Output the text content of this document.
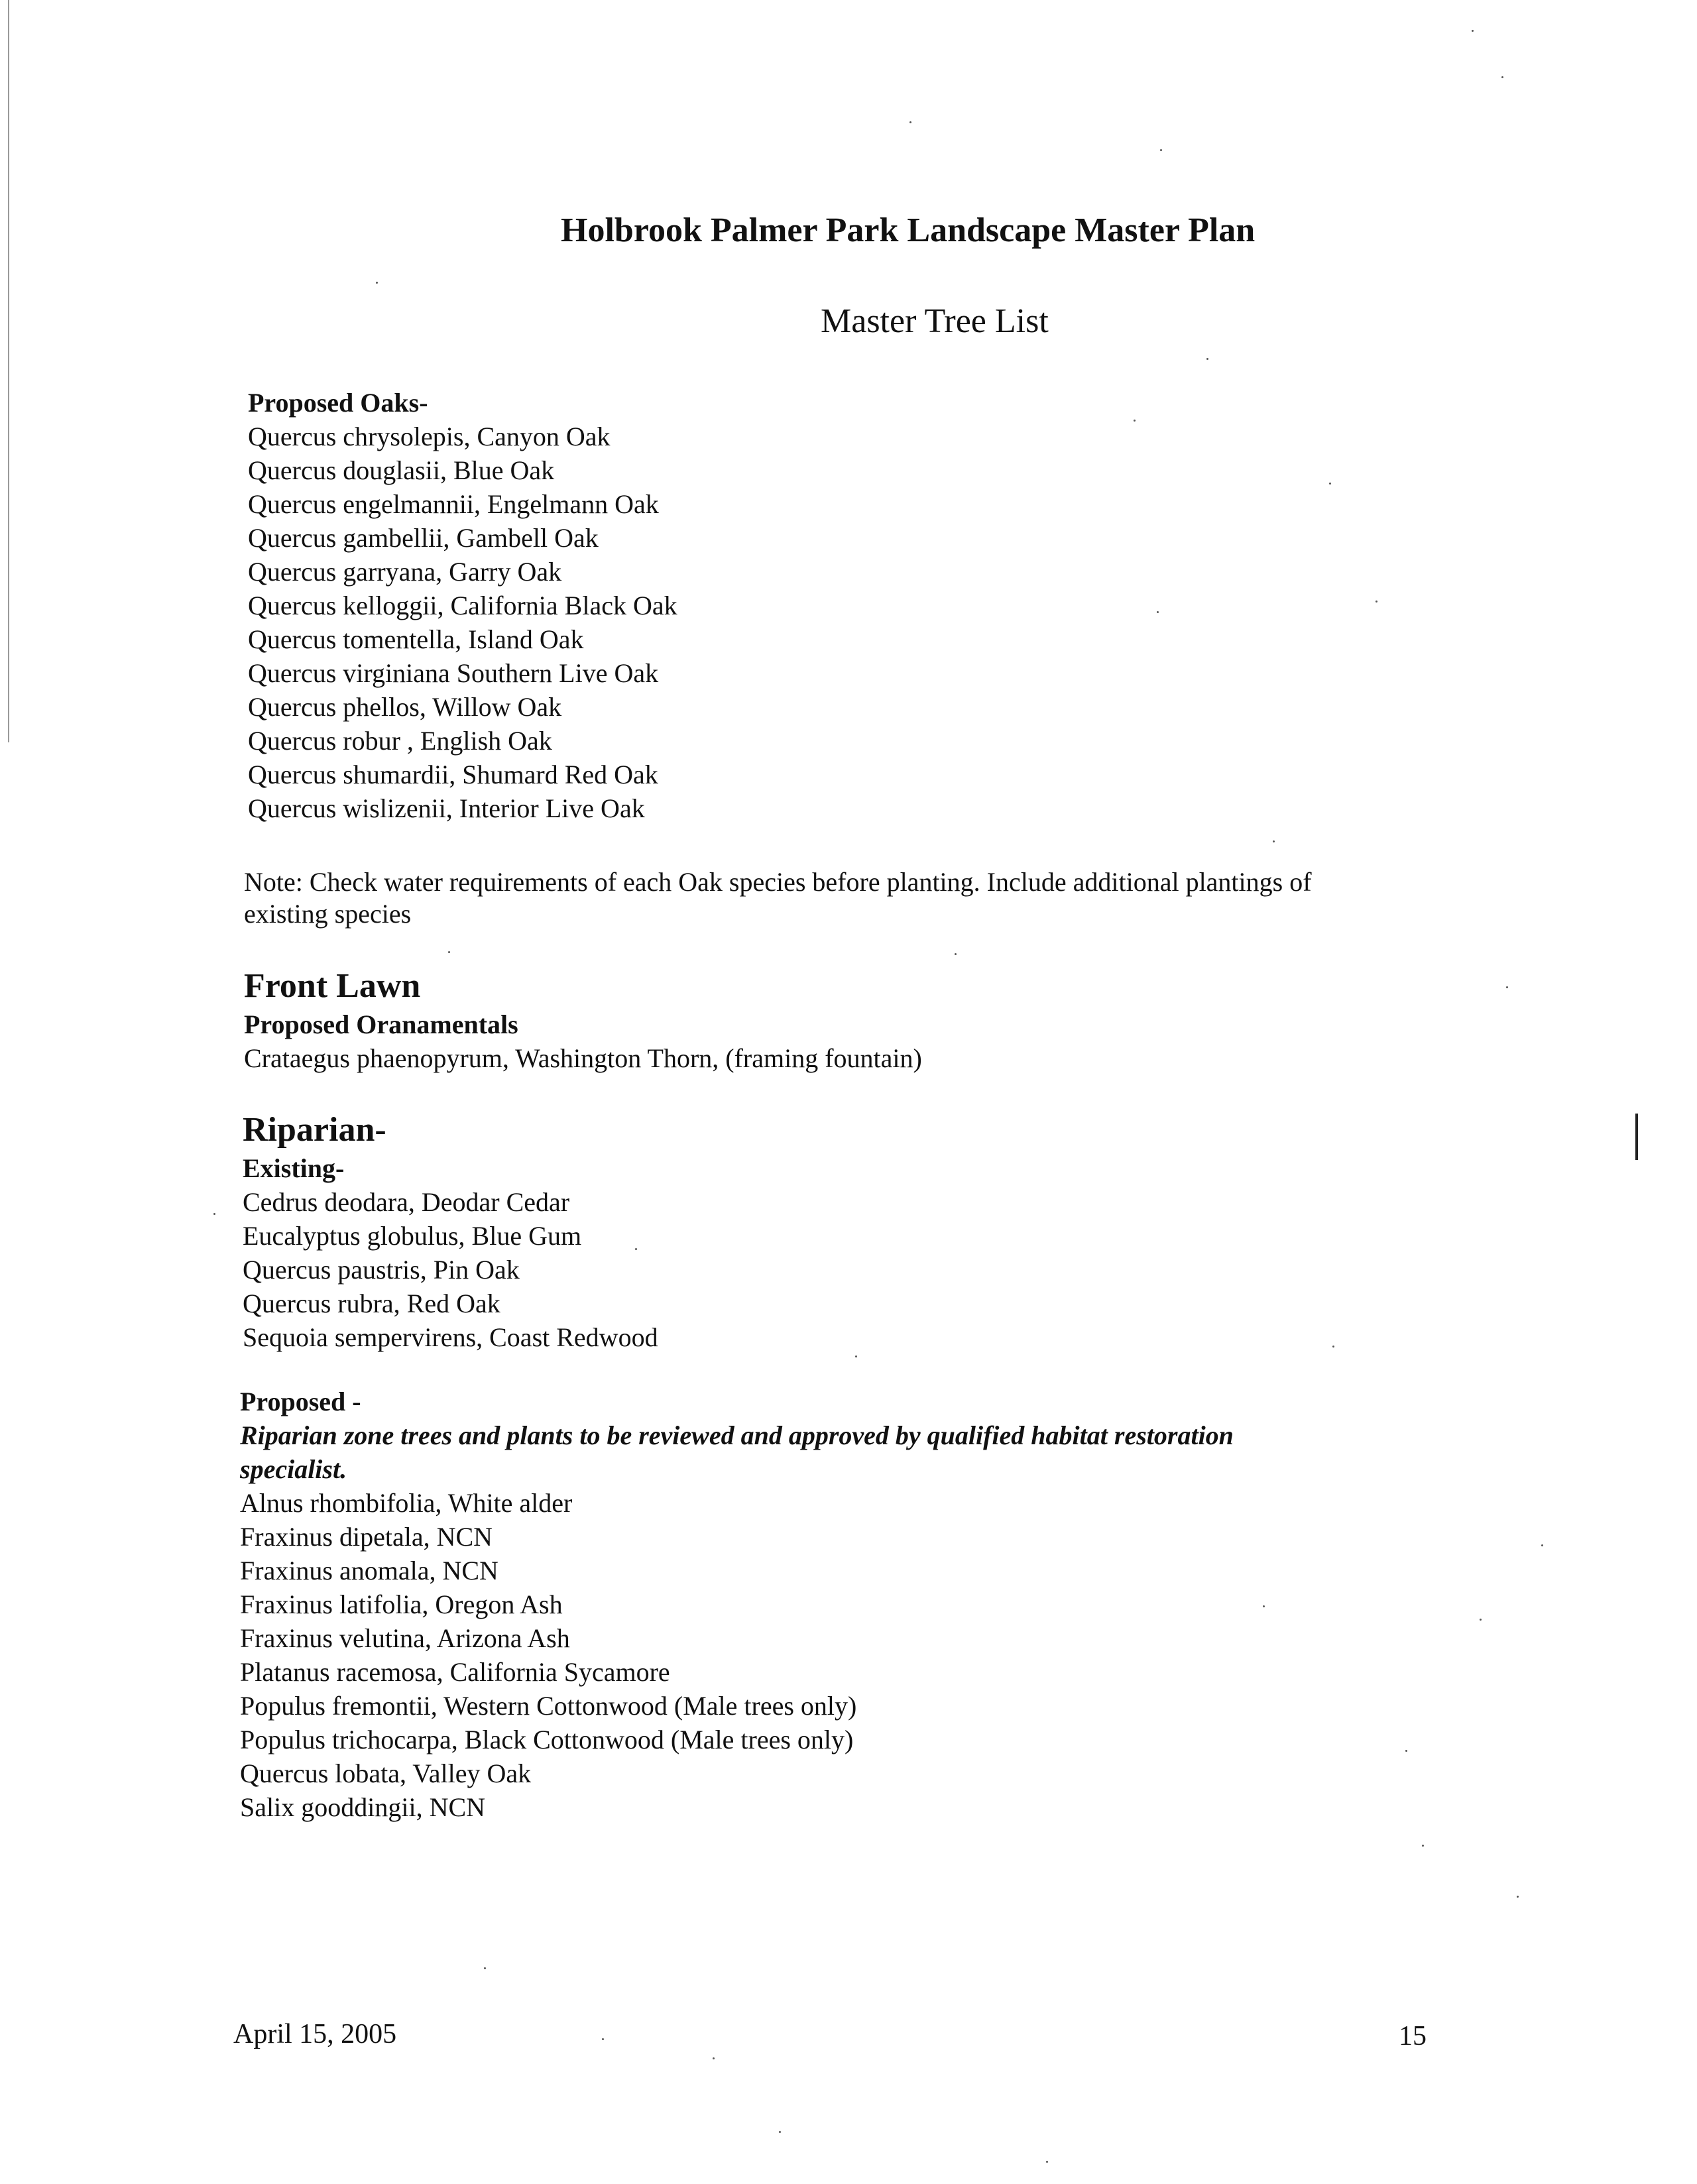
Holbrook Palmer Park Landscape Master Plan
Master Tree List
Proposed Oaks-
Quercus chrysolepis, Canyon Oak
Quercus douglasii, Blue Oak
Quercus engelmannii, Engelmann Oak
Quercus gambellii, Gambell Oak
Quercus garryana, Garry Oak
Quercus kelloggii, California Black Oak
Quercus tomentella, Island Oak
Quercus virginiana Southern Live Oak
Quercus phellos, Willow Oak
Quercus robur , English Oak
Quercus shumardii, Shumard Red Oak
Quercus wislizenii, Interior Live Oak
Note: Check water requirements of each Oak species before planting. Include additional plantings of
existing species
Front Lawn
Proposed Oranamentals
Crataegus phaenopyrum, Washington Thorn, (framing fountain)
Riparian-
Existing-
Cedrus deodara, Deodar Cedar
Eucalyptus globulus, Blue Gum
Quercus paustris, Pin Oak
Quercus rubra, Red Oak
Sequoia sempervirens, Coast Redwood
Proposed -
Riparian zone trees and plants to be reviewed and approved by qualified habitat restoration
specialist.
Alnus rhombifolia, White alder
Fraxinus dipetala, NCN
Fraxinus anomala, NCN
Fraxinus latifolia, Oregon Ash
Fraxinus velutina, Arizona Ash
Platanus racemosa, California Sycamore
Populus fremontii, Western Cottonwood (Male trees only)
Populus trichocarpa, Black Cottonwood (Male trees only)
Quercus lobata, Valley Oak
Salix gooddingii, NCN
April 15, 2005	15
